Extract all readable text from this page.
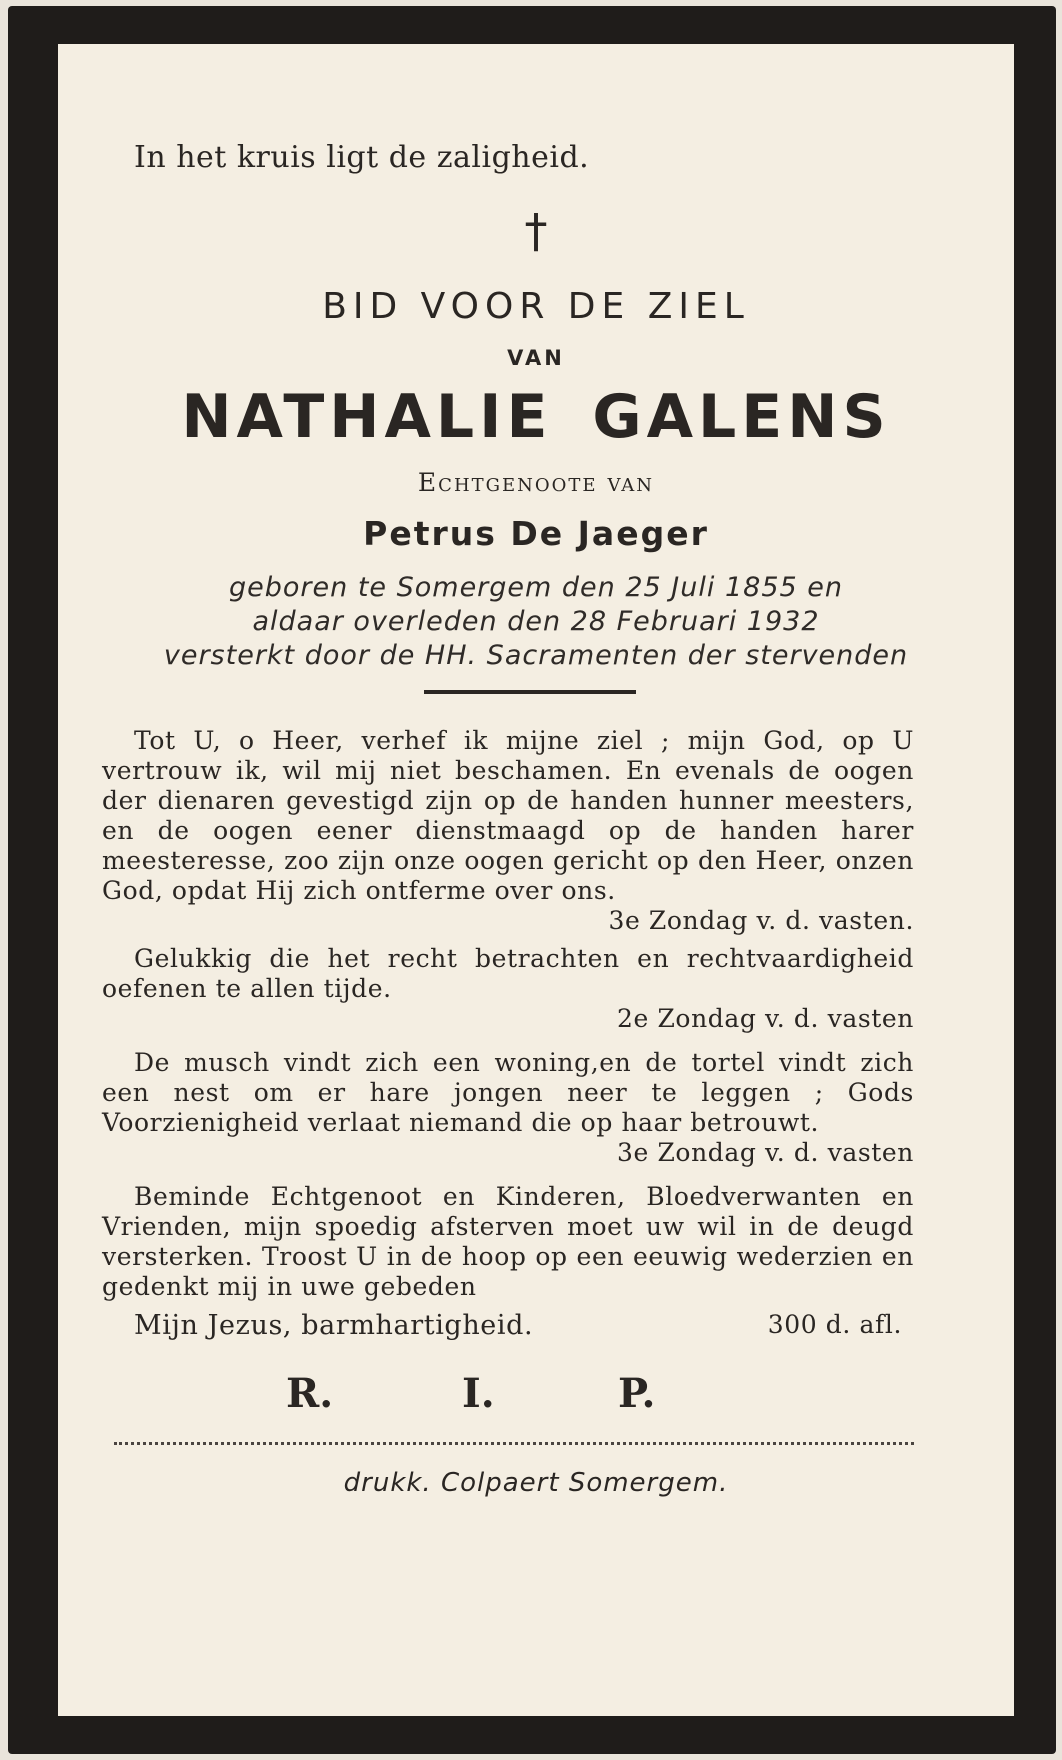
In het kruis ligt de zaligheid.
†
BID VOOR DE ZIEL
VAN
NATHALIE GALENS
Echtgenoote van
Petrus De Jaeger
geboren te Somergem den 25 Juli 1855 en
aldaar overleden den 28 Februari 1932
versterkt door de HH. Sacramenten der stervenden

Tot U, o Heer, verhef ik mijne ziel ; mijn God, op U vertrouw ik, wil mij niet beschamen. En evenals de oogen der dienaren gevestigd zijn op de handen hunner meesters, en de oogen eener dienstmaagd op de handen harer meesteresse, zoo zijn onze oogen gericht op den Heer, onzen God, opdat Hij zich ontferme over ons.
3e Zondag v. d. vasten.

Gelukkig die het recht betrachten en rechtvaardigheid oefenen te allen tijde.
2e Zondag v. d. vasten

De musch vindt zich een woning,en de tortel vindt zich een nest om er hare jongen neer te leggen ; Gods Voorzienigheid verlaat niemand die op haar betrouwt.
3e Zondag v. d. vasten

Beminde Echtgenoot en Kinderen, Bloedverwanten en Vrienden, mijn spoedig afsterven moet uw wil in de deugd versterken. Troost U in de hoop op een eeuwig wederzien en gedenkt mij in uwe gebeden

Mijn Jezus, barmhartigheid.	300 d. afl.
R.	I.	P.
drukk. Colpaert Somergem.
